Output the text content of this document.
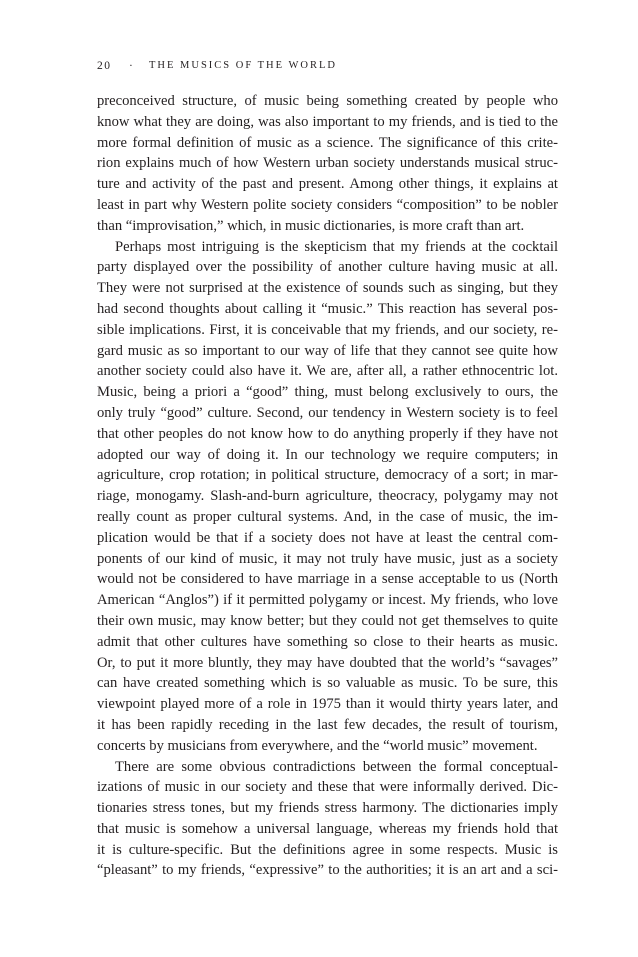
20 · THE MUSICS OF THE WORLD
preconceived structure, of music being something created by people who
know what they are doing, was also important to my friends, and is tied to the
more formal definition of music as a science. The significance of this crite-
rion explains much of how Western urban society understands musical struc-
ture and activity of the past and present. Among other things, it explains at
least in part why Western polite society considers “composition” to be nobler
than “improvisation,” which, in music dictionaries, is more craft than art.
Perhaps most intriguing is the skepticism that my friends at the cocktail
party displayed over the possibility of another culture having music at all.
They were not surprised at the existence of sounds such as singing, but they
had second thoughts about calling it “music.” This reaction has several pos-
sible implications. First, it is conceivable that my friends, and our society, re-
gard music as so important to our way of life that they cannot see quite how
another society could also have it. We are, after all, a rather ethnocentric lot.
Music, being a priori a “good” thing, must belong exclusively to ours, the
only truly “good” culture. Second, our tendency in Western society is to feel
that other peoples do not know how to do anything properly if they have not
adopted our way of doing it. In our technology we require computers; in
agriculture, crop rotation; in political structure, democracy of a sort; in mar-
riage, monogamy. Slash-and-burn agriculture, theocracy, polygamy may not
really count as proper cultural systems. And, in the case of music, the im-
plication would be that if a society does not have at least the central com-
ponents of our kind of music, it may not truly have music, just as a society
would not be considered to have marriage in a sense acceptable to us (North
American “Anglos”) if it permitted polygamy or incest. My friends, who love
their own music, may know better; but they could not get themselves to quite
admit that other cultures have something so close to their hearts as music.
Or, to put it more bluntly, they may have doubted that the world’s “savages”
can have created something which is so valuable as music. To be sure, this
viewpoint played more of a role in 1975 than it would thirty years later, and
it has been rapidly receding in the last few decades, the result of tourism,
concerts by musicians from everywhere, and the “world music” movement.
There are some obvious contradictions between the formal conceptual-
izations of music in our society and these that were informally derived. Dic-
tionaries stress tones, but my friends stress harmony. The dictionaries imply
that music is somehow a universal language, whereas my friends hold that
it is culture-specific. But the definitions agree in some respects. Music is
“pleasant” to my friends, “expressive” to the authorities; it is an art and a sci-
